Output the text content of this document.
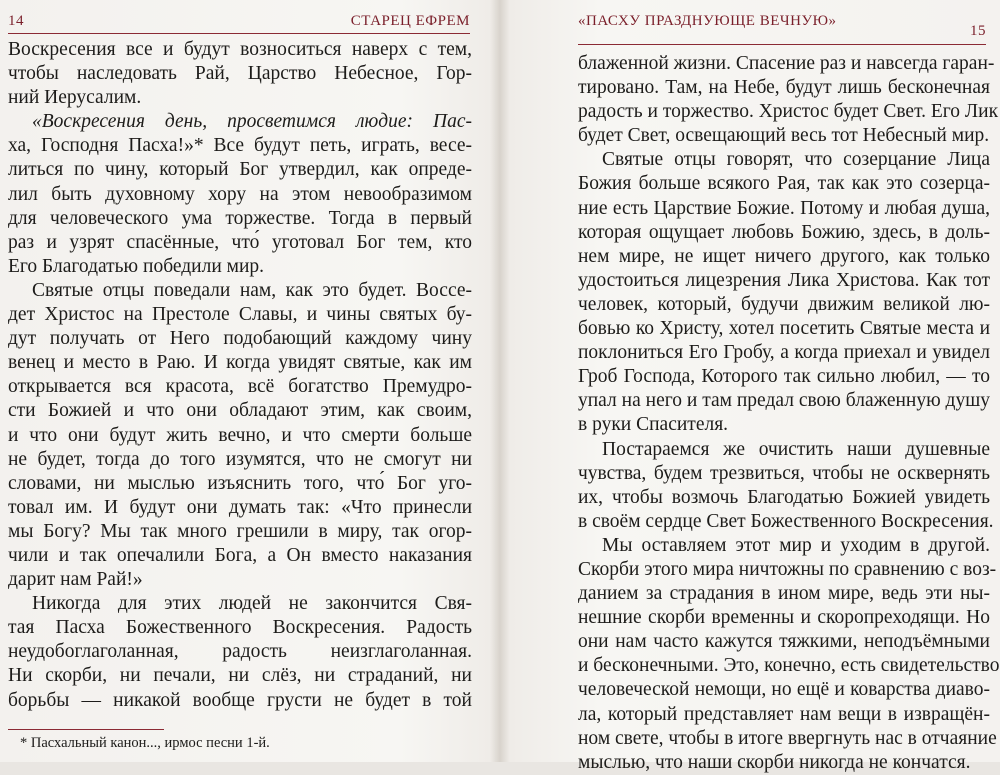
14	СТАРЕЦ ЕФРЕМ
Воскресения все и будут возноситься наверх с тем,
чтобы наследовать Рай, Царство Небесное, Гор-
ний Иерусалим.
«Воскресения день, просветимся людие: Пас-
ха, Господня Пасха!»* Все будут петь, играть, весе-
литься по чину, который Бог утвердил, как опреде-
лил быть духовному хору на этом невообразимом
для человеческого ума торжестве. Тогда в первый
раз и узрят спасённые, что́ уготовал Бог тем, кто
Его Благодатью победили мир.
Святые отцы поведали нам, как это будет. Воссе-
дет Христос на Престоле Славы, и чины святых бу-
дут получать от Него подобающий каждому чину
венец и место в Раю. И когда увидят святые, как им
открывается вся красота, всё богатство Премудро-
сти Божией и что они обладают этим, как своим,
и что они будут жить вечно, и что смерти больше
не будет, тогда до того изумятся, что не смогут ни
словами, ни мыслью изъяснить того, что́ Бог уго-
товал им. И будут они думать так: «Что принесли
мы Богу? Мы так много грешили в миру, так огор-
чили и так опечалили Бога, а Он вместо наказания
дарит нам Рай!»
Никогда для этих людей не закончится Свя-
тая Пасха Божественного Воскресения. Радость
неудобоглаголанная, радость неизглаголанная.
Ни скорби, ни печали, ни слёз, ни страданий, ни
борьбы — никакой вообще грусти не будет в той
* Пасхальный канон..., ирмос песни 1-й.
«ПАСХУ ПРАЗДНУЮЩЕ ВЕЧНУЮ»
15
блаженной жизни. Спасение раз и навсегда гаран-
тировано. Там, на Небе, будут лишь бесконечная
радость и торжество. Христос будет Свет. Его Лик
будет Свет, освещающий весь тот Небесный мир.
Святые отцы говорят, что созерцание Лица
Божия больше всякого Рая, так как это созерца-
ние есть Царствие Божие. Потому и любая душа,
которая ощущает любовь Божию, здесь, в доль-
нем мире, не ищет ничего другого, как только
удостоиться лицезрения Лика Христова. Как тот
человек, который, будучи движим великой лю-
бовью ко Христу, хотел посетить Святые места и
поклониться Его Гробу, а когда приехал и увидел
Гроб Господа, Которого так сильно любил, — то
упал на него и там предал свою блаженную душу
в руки Спасителя.
Постараемся же очистить наши душевные
чувства, будем трезвиться, чтобы не осквернять
их, чтобы возмочь Благодатью Божией увидеть
в своём сердце Свет Божественного Воскресения.
Мы оставляем этот мир и уходим в другой.
Скорби этого мира ничтожны по сравнению с воз-
данием за страдания в ином мире, ведь эти ны-
нешние скорби временны и скоропреходящи. Но
они нам часто кажутся тяжкими, неподъёмными
и бесконечными. Это, конечно, есть свидетельство
человеческой немощи, но ещё и коварства диаво-
ла, который представляет нам вещи в извращён-
ном свете, чтобы в итоге ввергнуть нас в отчаяние
мыслью, что наши скорби никогда не кончатся.
